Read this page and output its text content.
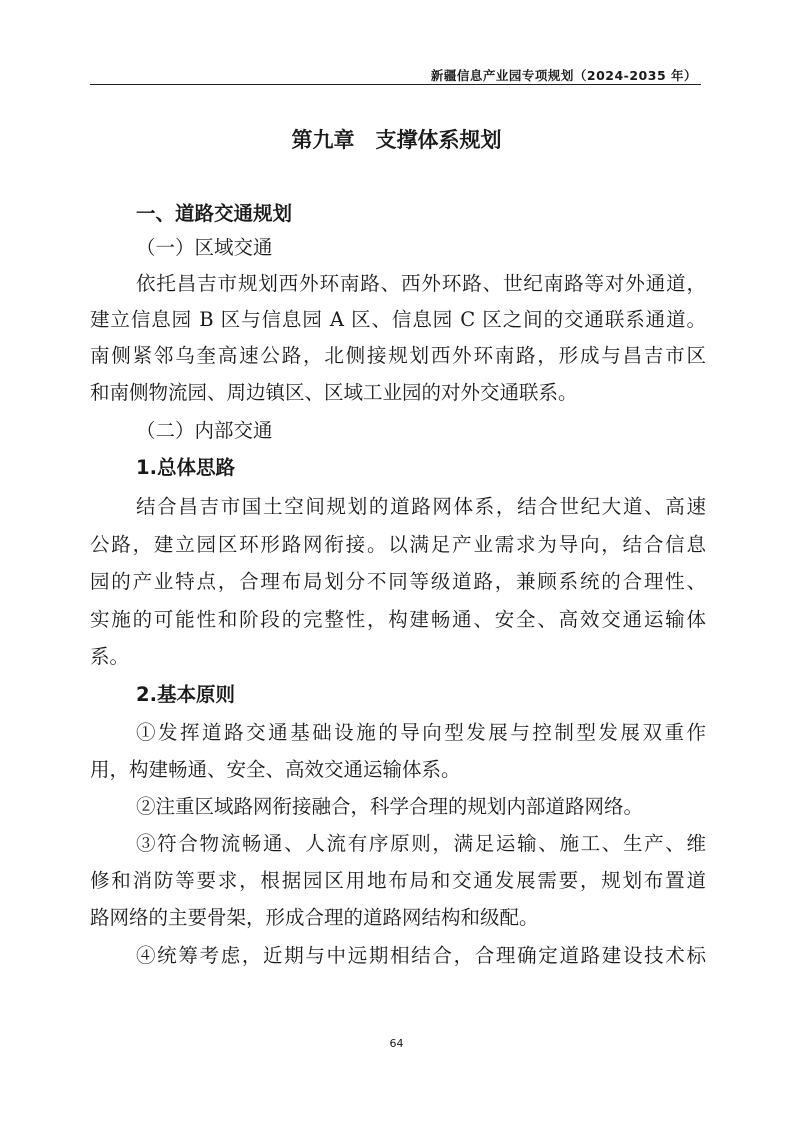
新疆信息产业园专项规划（2024-2035 年）
第九章　支撑体系规划
一、道路交通规划
（一）区域交通
依托昌吉市规划西外环南路、西外环路、世纪南路等对外通道，
建立信息园 B 区与信息园 A 区、信息园 C 区之间的交通联系通道。
南侧紧邻乌奎高速公路，北侧接规划西外环南路，形成与昌吉市区
和南侧物流园、周边镇区、区域工业园的对外交通联系。
（二）内部交通
1.总体思路
结合昌吉市国土空间规划的道路网体系，结合世纪大道、高速
公路，建立园区环形路网衔接。以满足产业需求为导向，结合信息
园的产业特点，合理布局划分不同等级道路，兼顾系统的合理性、
实施的可能性和阶段的完整性，构建畅通、安全、高效交通运输体
系。
2.基本原则
①发挥道路交通基础设施的导向型发展与控制型发展双重作
用，构建畅通、安全、高效交通运输体系。
②注重区域路网衔接融合，科学合理的规划内部道路网络。
③符合物流畅通、人流有序原则，满足运输、施工、生产、维
修和消防等要求，根据园区用地布局和交通发展需要，规划布置道
路网络的主要骨架，形成合理的道路网结构和级配。
④统筹考虑，近期与中远期相结合，合理确定道路建设技术标
64
